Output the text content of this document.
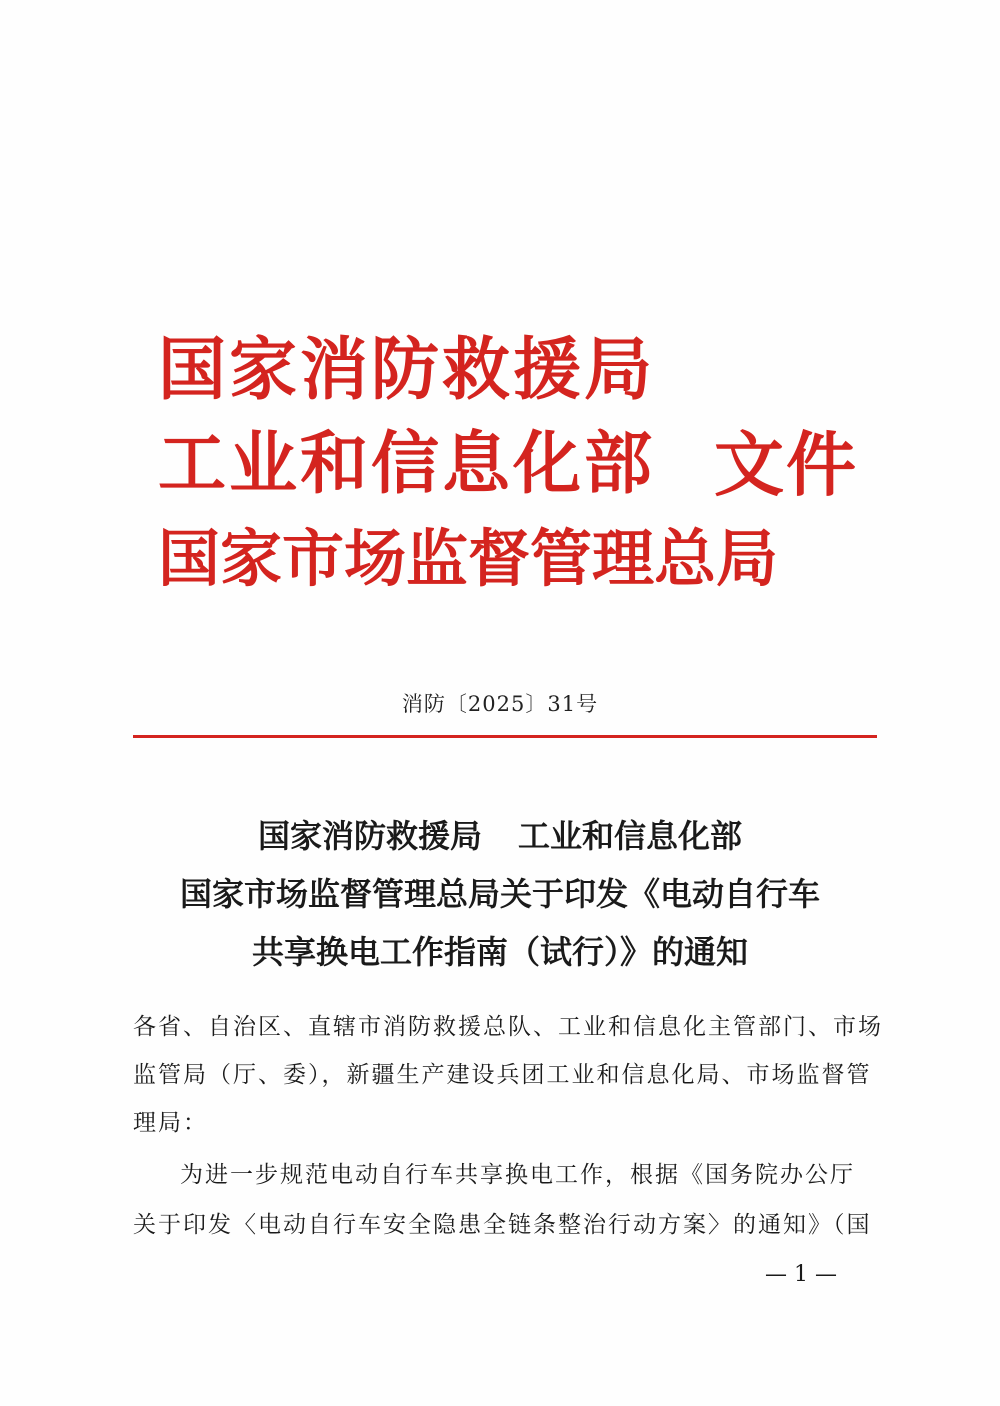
国家消防救援局
工业和信息化部
国家市场监督管理总局
文件
消防〔2025〕31号
国家消防救援局 工业和信息化部
国家市场监督管理总局关于印发《电动自行车
共享换电工作指南（试行）》的通知
各省、自治区、直辖市消防救援总队、工业和信息化主管部门、市场
监管局（厅、委），新疆生产建设兵团工业和信息化局、市场监督管
理局：
为进一步规范电动自行车共享换电工作，根据《国务院办公厅
关于印发〈电动自行车安全隐患全链条整治行动方案〉的通知》（国
— 1 —
